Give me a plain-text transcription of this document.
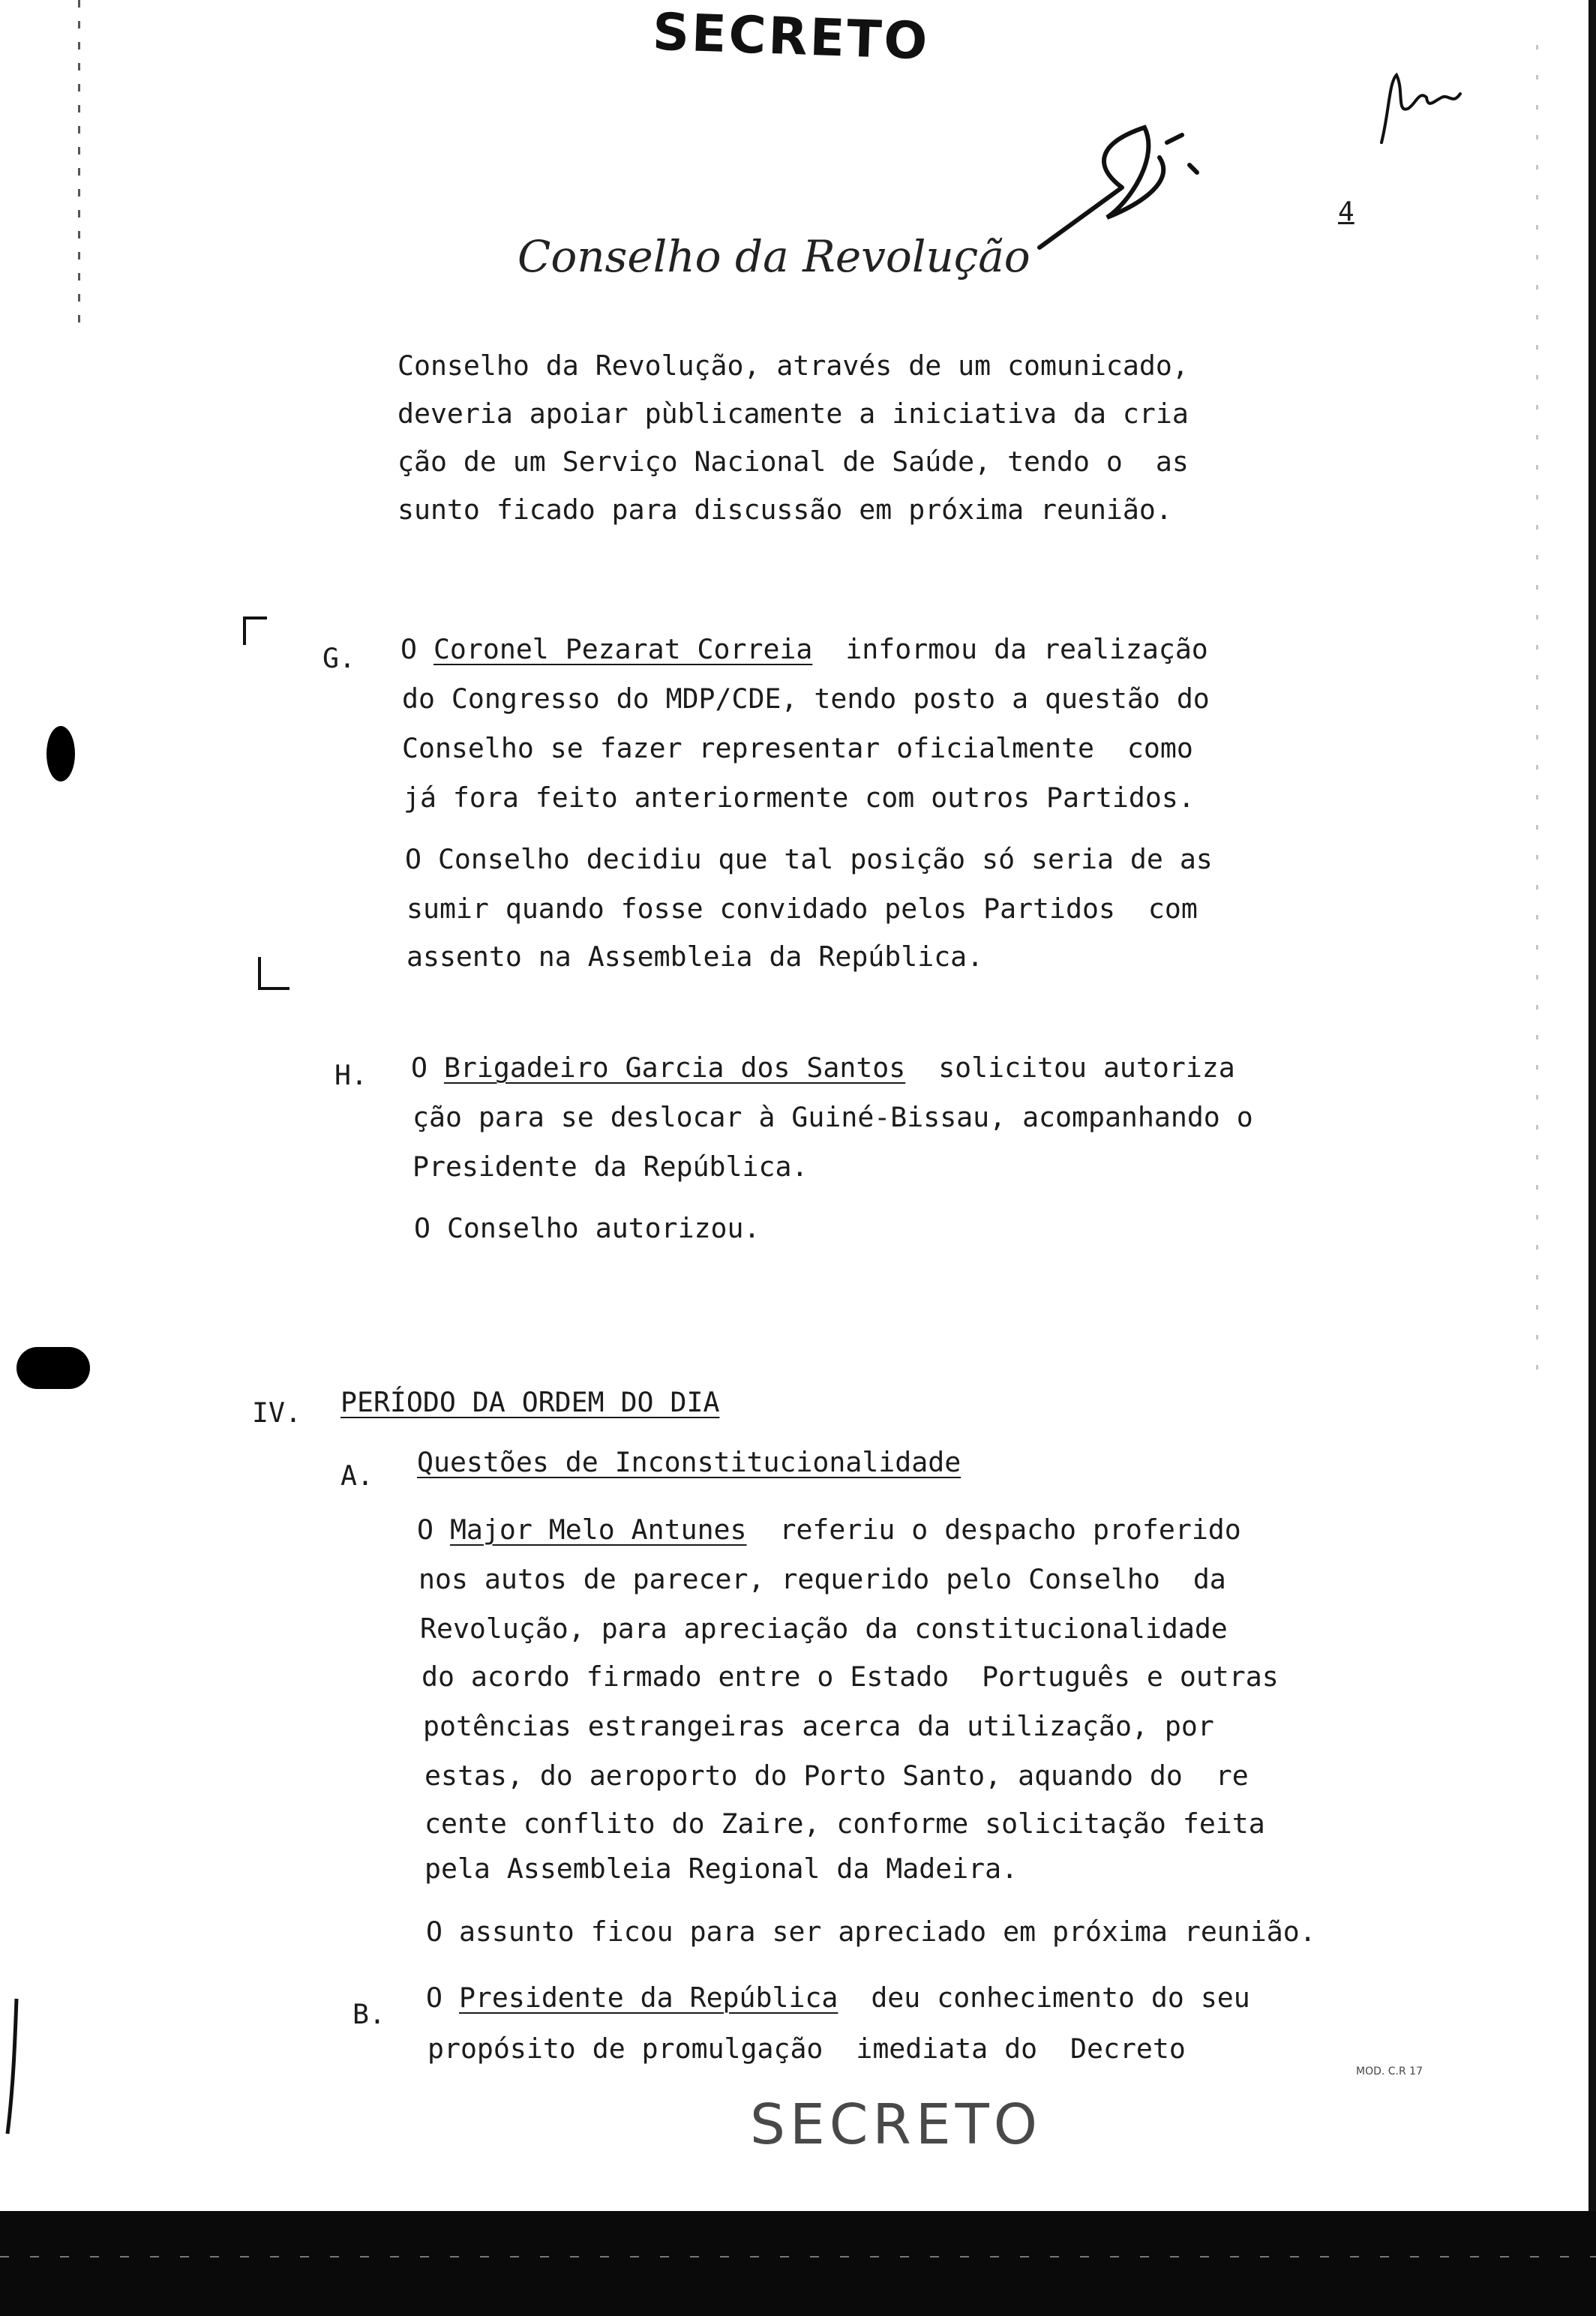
SECRETO
Conselho da Revolução
4
Conselho da Revolução, através de um comunicado,
deveria apoiar pùblicamente a iniciativa da cria
ção de um Serviço Nacional de Saúde, tendo o  as
sunto ficado para discussão em próxima reunião.
G. O Coronel Pezarat Correia  informou da realização
do Congresso do MDP/CDE, tendo posto a questão do
Conselho se fazer representar oficialmente  como
já fora feito anteriormente com outros Partidos.
O Conselho decidiu que tal posição só seria de as
sumir quando fosse convidado pelos Partidos  com
assento na Assembleia da República.
H. O Brigadeiro Garcia dos Santos  solicitou autoriza
ção para se deslocar à Guiné-Bissau, acompanhando o
Presidente da República.
O Conselho autorizou.
IV. PERÍODO DA ORDEM DO DIA
A. Questões de Inconstitucionalidade
O Major Melo Antunes  referiu o despacho proferido
nos autos de parecer, requerido pelo Conselho  da
Revolução, para apreciação da constitucionalidade
do acordo firmado entre o Estado  Português e outras
potências estrangeiras acerca da utilização, por
estas, do aeroporto do Porto Santo, aquando do  re
cente conflito do Zaire, conforme solicitação feita
pela Assembleia Regional da Madeira.
O assunto ficou para ser apreciado em próxima reunião.
B.
O Presidente da República  deu conhecimento do seu
propósito de promulgação  imediata do  Decreto
MOD. C.R 17
SECRETO
